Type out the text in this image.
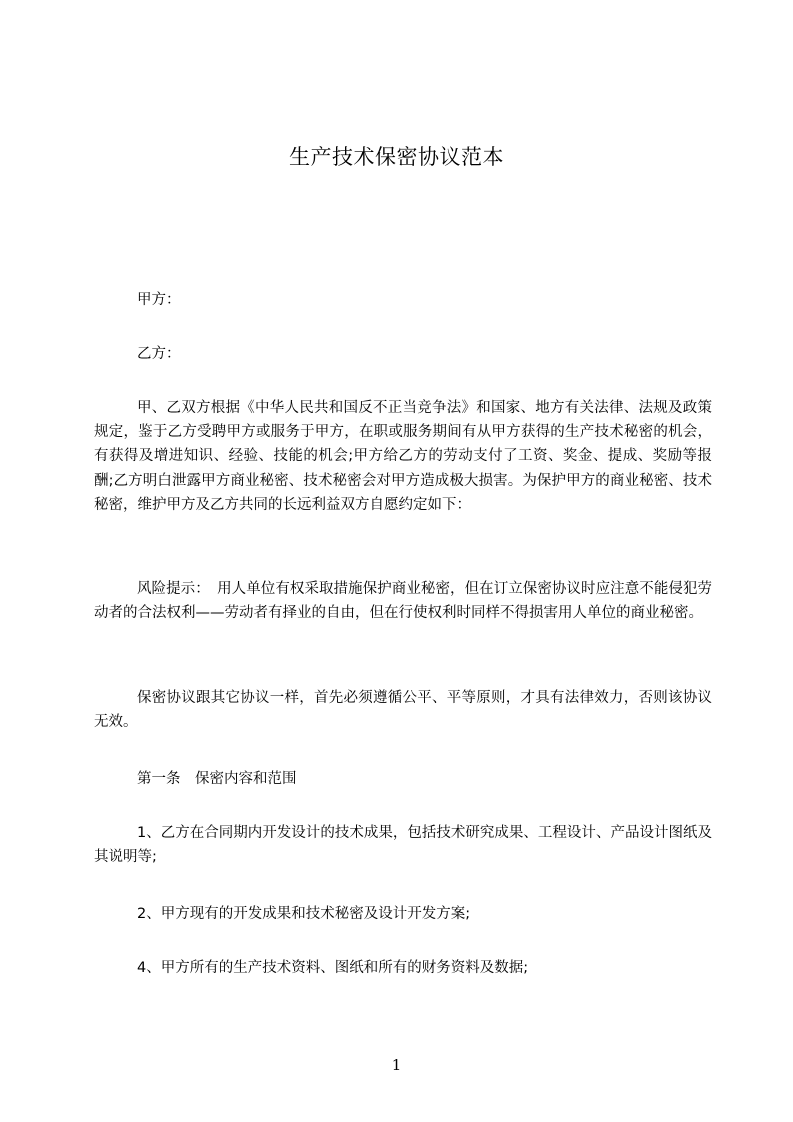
生产技术保密协议范本

甲方：

乙方：

甲、乙双方根据《中华人民共和国反不正当竞争法》和国家、地方有关法律、法规及政策规定，鉴于乙方受聘甲方或服务于甲方，在职或服务期间有从甲方获得的生产技术秘密的机会，有获得及增进知识、经验、技能的机会;甲方给乙方的劳动支付了工资、奖金、提成、奖励等报酬;乙方明白泄露甲方商业秘密、技术秘密会对甲方造成极大损害。为保护甲方的商业秘密、技术秘密，维护甲方及乙方共同的长远利益双方自愿约定如下：

风险提示：　用人单位有权采取措施保护商业秘密，但在订立保密协议时应注意不能侵犯劳动者的合法权利——劳动者有择业的自由，但在行使权利时同样不得损害用人单位的商业秘密。

保密协议跟其它协议一样，首先必须遵循公平、平等原则，才具有法律效力，否则该协议无效。

第一条　保密内容和范围

1、乙方在合同期内开发设计的技术成果，包括技术研究成果、工程设计、产品设计图纸及其说明等;

2、甲方现有的开发成果和技术秘密及设计开发方案;

4、甲方所有的生产技术资料、图纸和所有的财务资料及数据;

1
